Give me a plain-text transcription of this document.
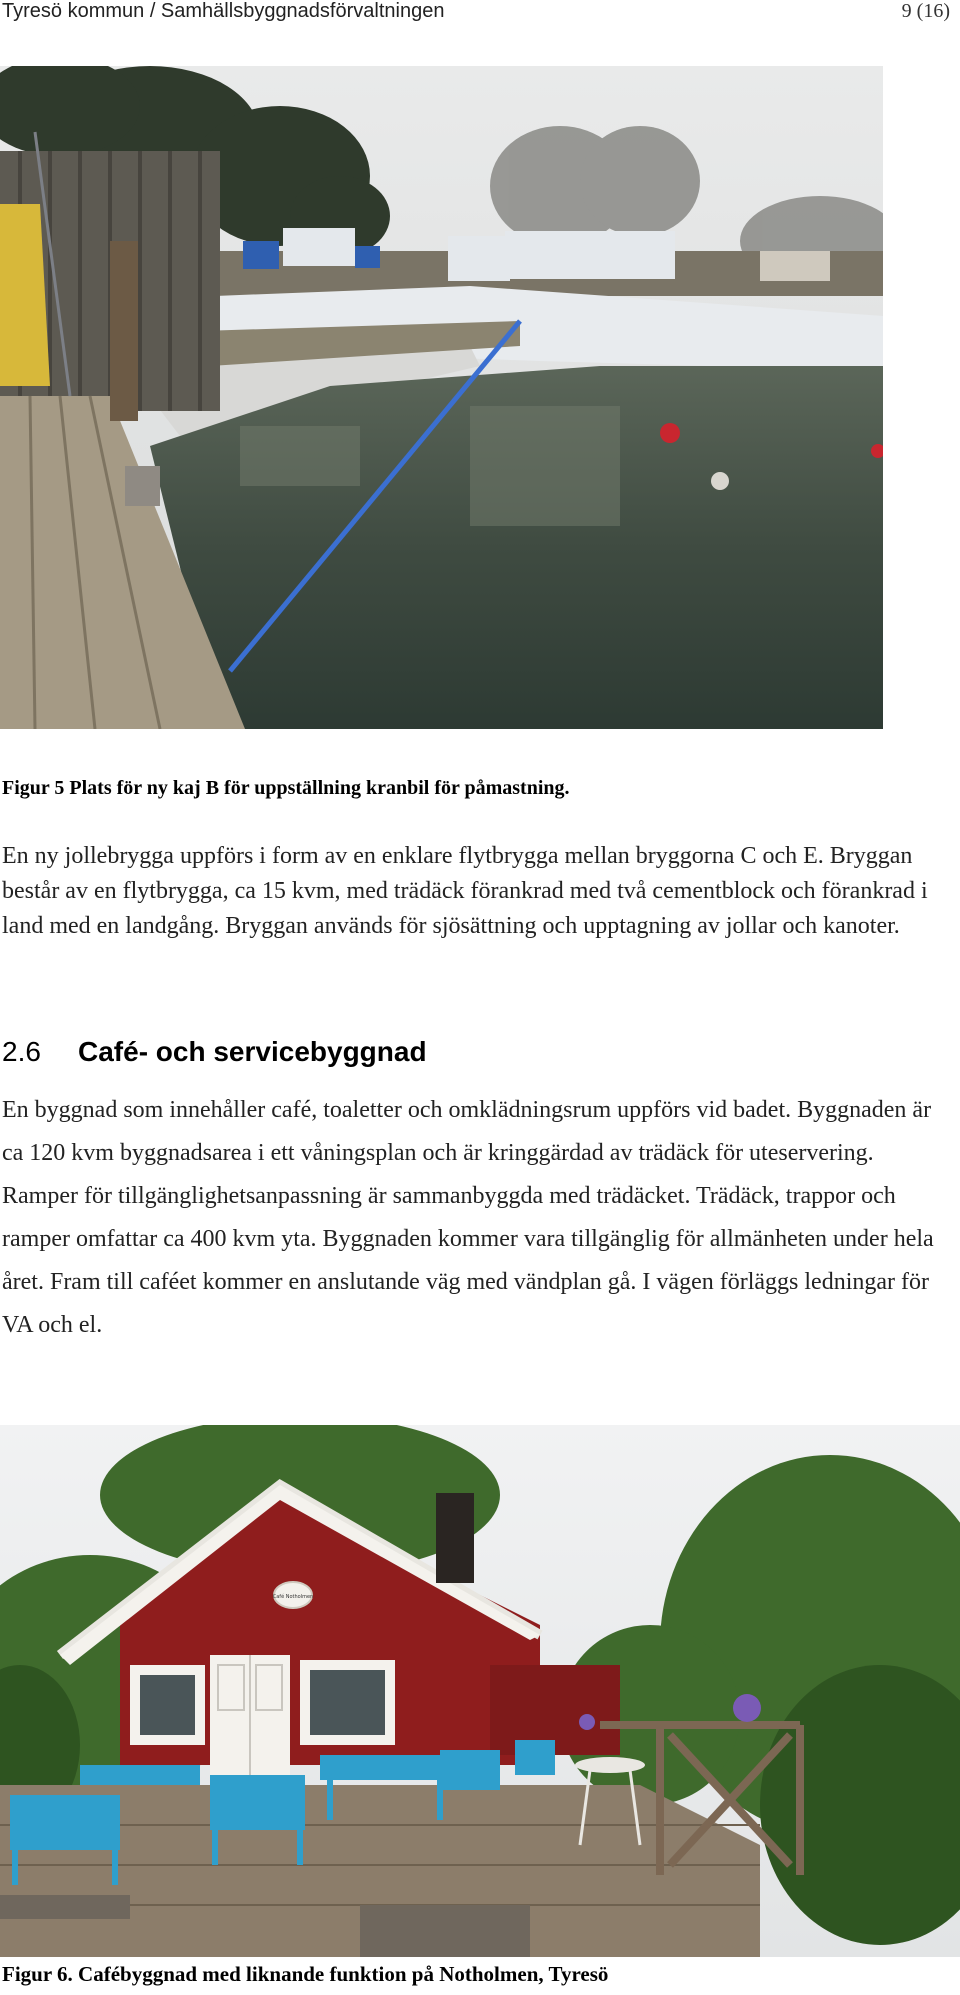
Tyresö kommun / Samhällsbyggnadsförvaltningen	9 (16)
Figur 5 Plats för ny kaj B för uppställning kranbil för påmastning.

En ny jollebrygga uppförs i form av en enklare flytbrygga mellan bryggorna C och E. Bryggan består av en flytbrygga, ca 15 kvm, med trädäck förankrad med två cementblock och förankrad i land med en landgång. Bryggan används för sjösättning och upptagning av jollar och kanoter.

2.6 Café- och servicebyggnad

En byggnad som innehåller café, toaletter och omklädningsrum uppförs vid badet. Byggnaden är ca 120 kvm byggnadsarea i ett våningsplan och är kringgärdad av trädäck för uteservering. Ramper för tillgänglighetsanpassning är sammanbyggda med trädäcket. Trädäck, trappor och ramper omfattar ca 400 kvm yta. Byggnaden kommer vara tillgänglig för allmänheten under hela året. Fram till caféet kommer en anslutande väg med vändplan gå. I vägen förläggs ledningar för VA och el.

Café Notholmen
Figur 6. Cafébyggnad med liknande funktion på Notholmen, Tyresö
